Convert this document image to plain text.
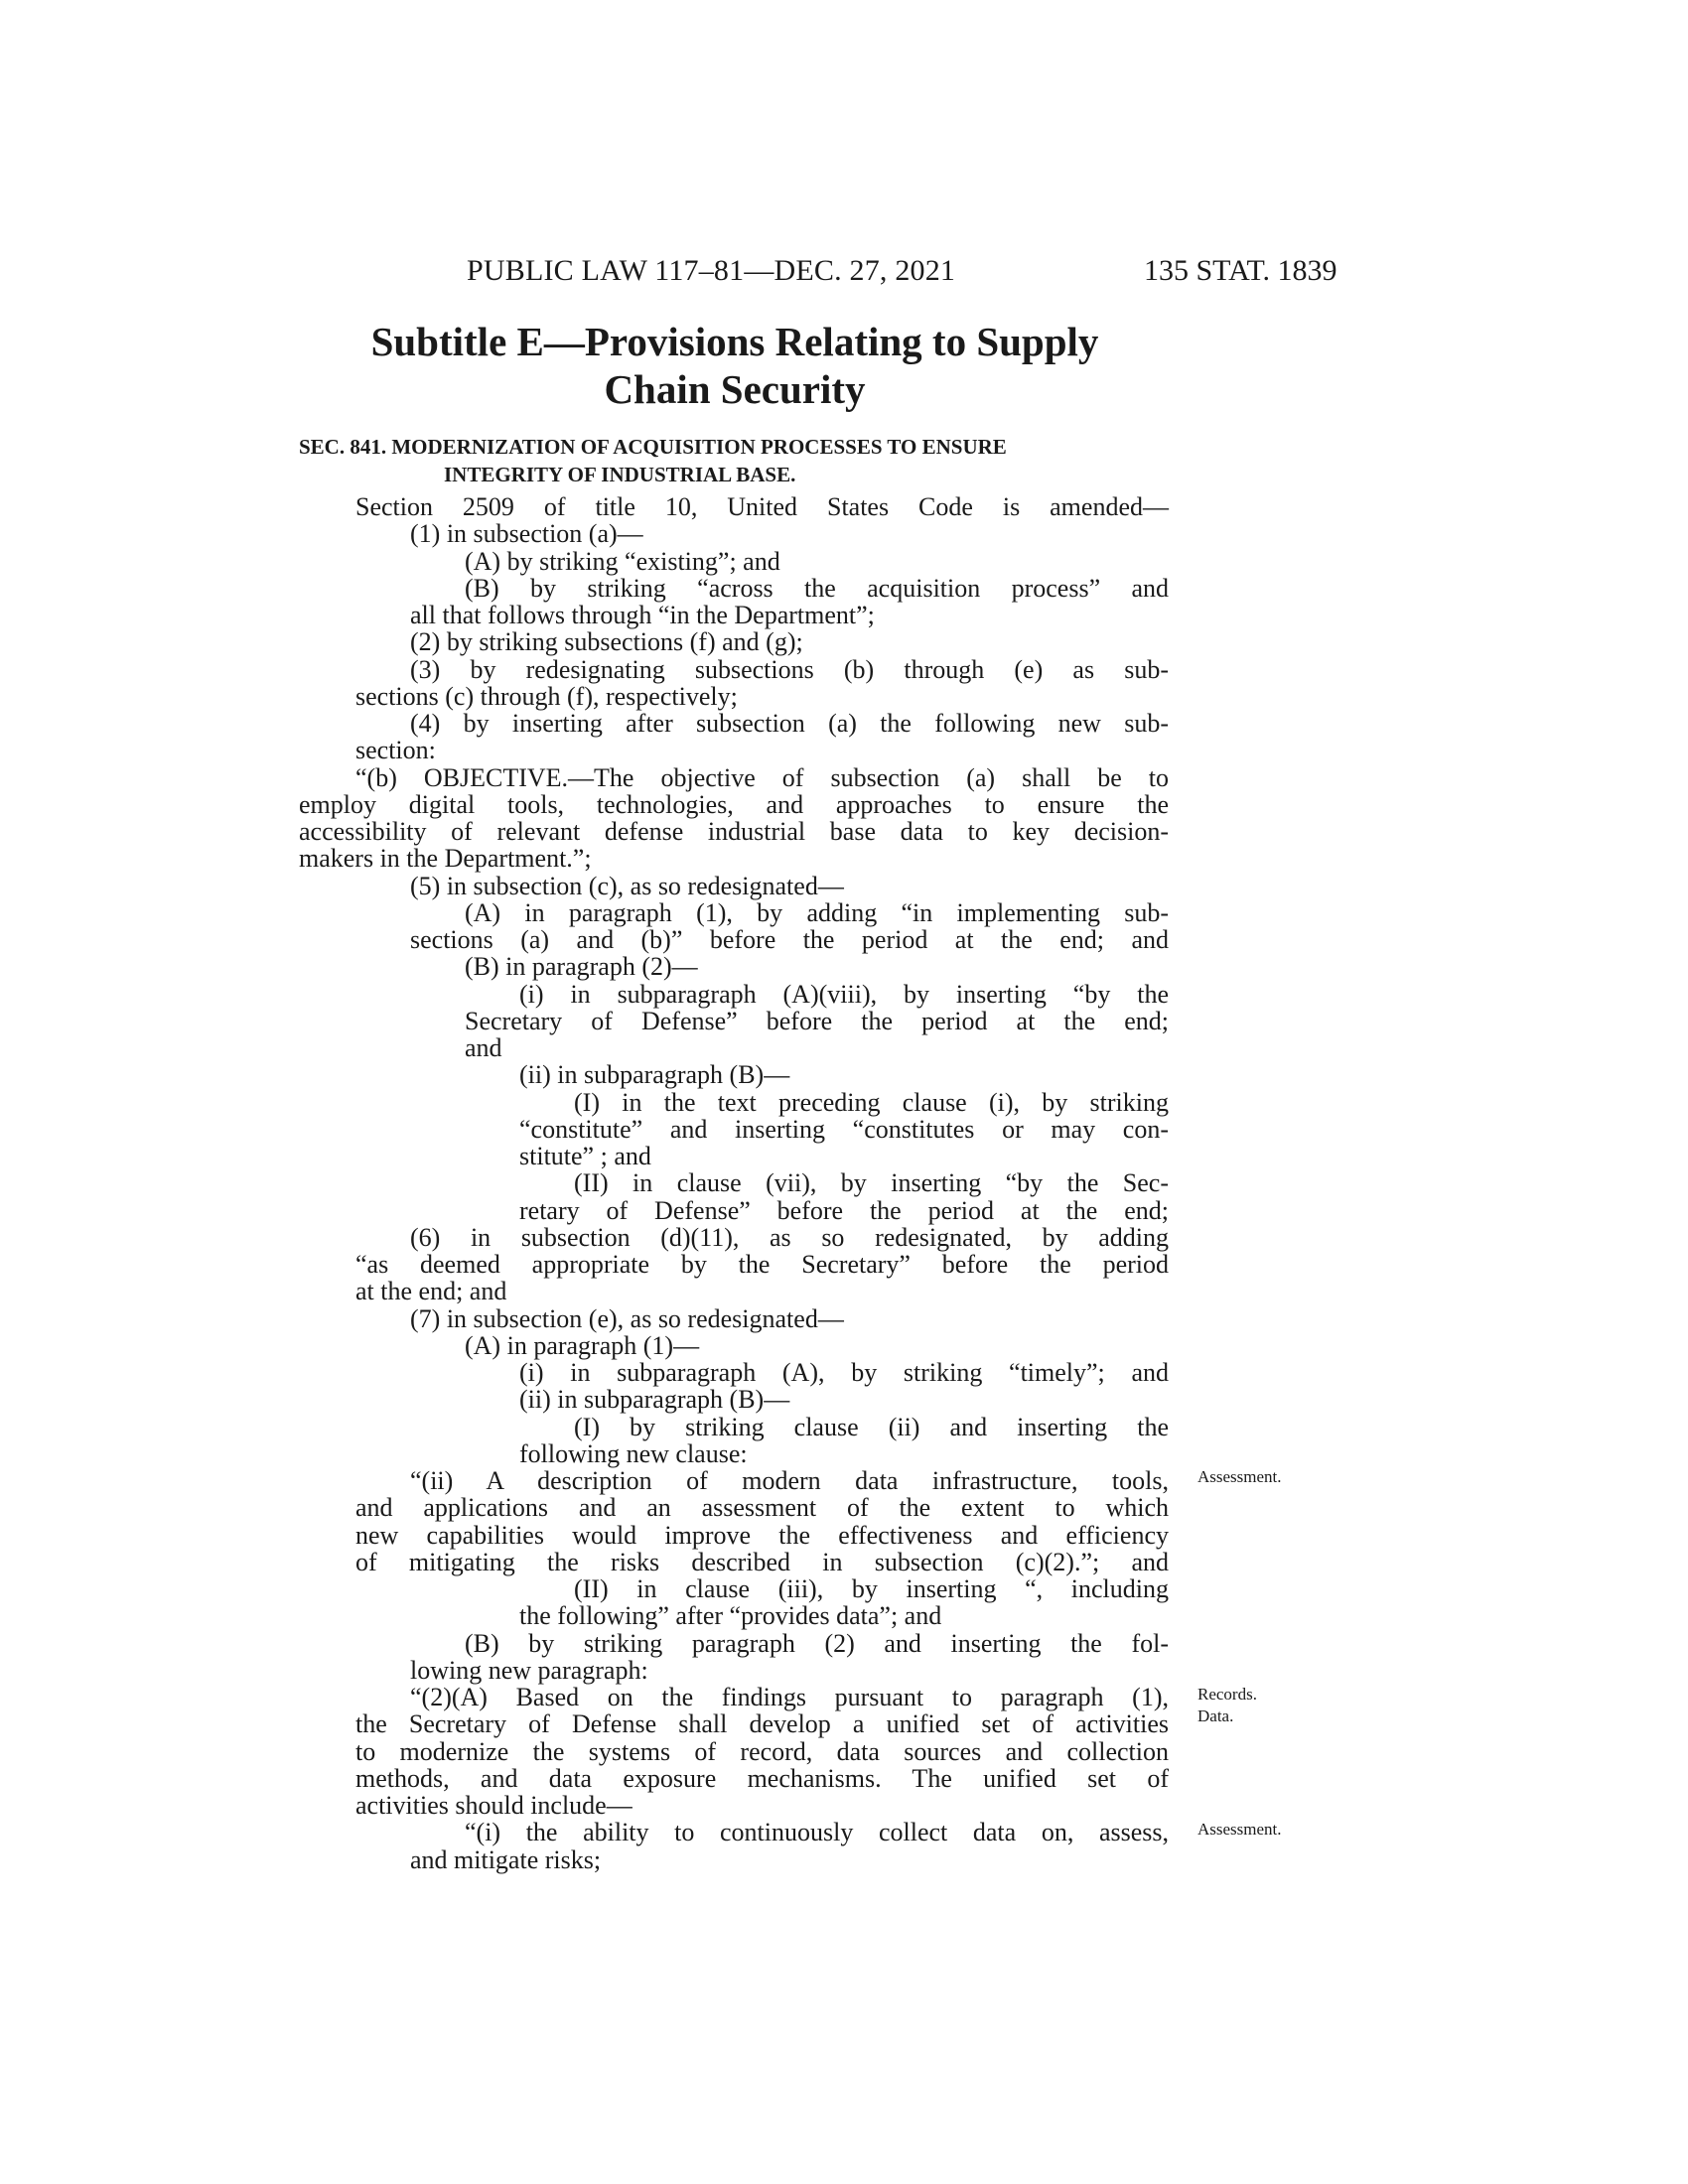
PUBLIC LAW 117–81—DEC. 27, 2021	135 STAT. 1839
Subtitle E—Provisions Relating to Supply
Chain Security
SEC. 841. MODERNIZATION OF ACQUISITION PROCESSES TO ENSURE
INTEGRITY OF INDUSTRIAL BASE.
Section 2509 of title 10, United States Code is amended—
(1) in subsection (a)—
(A) by striking “existing”; and
(B) by striking “across the acquisition process” and
all that follows through “in the Department”;
(2) by striking subsections (f) and (g);
(3) by redesignating subsections (b) through (e) as sub-
sections (c) through (f), respectively;
(4) by inserting after subsection (a) the following new sub-
section:
“(b) OBJECTIVE.—The objective of subsection (a) shall be to
employ digital tools, technologies, and approaches to ensure the
accessibility of relevant defense industrial base data to key decision-
makers in the Department.”;
(5) in subsection (c), as so redesignated—
(A) in paragraph (1), by adding “in implementing sub-
sections (a) and (b)” before the period at the end; and
(B) in paragraph (2)—
(i) in subparagraph (A)(viii), by inserting “by the
Secretary of Defense” before the period at the end;
and
(ii) in subparagraph (B)—
(I) in the text preceding clause (i), by striking
“constitute” and inserting “constitutes or may con-
stitute” ; and
(II) in clause (vii), by inserting “by the Sec-
retary of Defense” before the period at the end;
(6) in subsection (d)(11), as so redesignated, by adding
“as deemed appropriate by the Secretary” before the period
at the end; and
(7) in subsection (e), as so redesignated—
(A) in paragraph (1)—
(i) in subparagraph (A), by striking “timely”; and
(ii) in subparagraph (B)—
(I) by striking clause (ii) and inserting the
following new clause:
“(ii) A description of modern data infrastructure, tools,
and applications and an assessment of the extent to which
new capabilities would improve the effectiveness and efficiency
of mitigating the risks described in subsection (c)(2).”; and
(II) in clause (iii), by inserting “, including
the following” after “provides data”; and
(B) by striking paragraph (2) and inserting the fol-
lowing new paragraph:
“(2)(A) Based on the findings pursuant to paragraph (1),
the Secretary of Defense shall develop a unified set of activities
to modernize the systems of record, data sources and collection
methods, and data exposure mechanisms. The unified set of
activities should include—
“(i) the ability to continuously collect data on, assess,
and mitigate risks;
Assessment.
Records.
Data.
Assessment.
